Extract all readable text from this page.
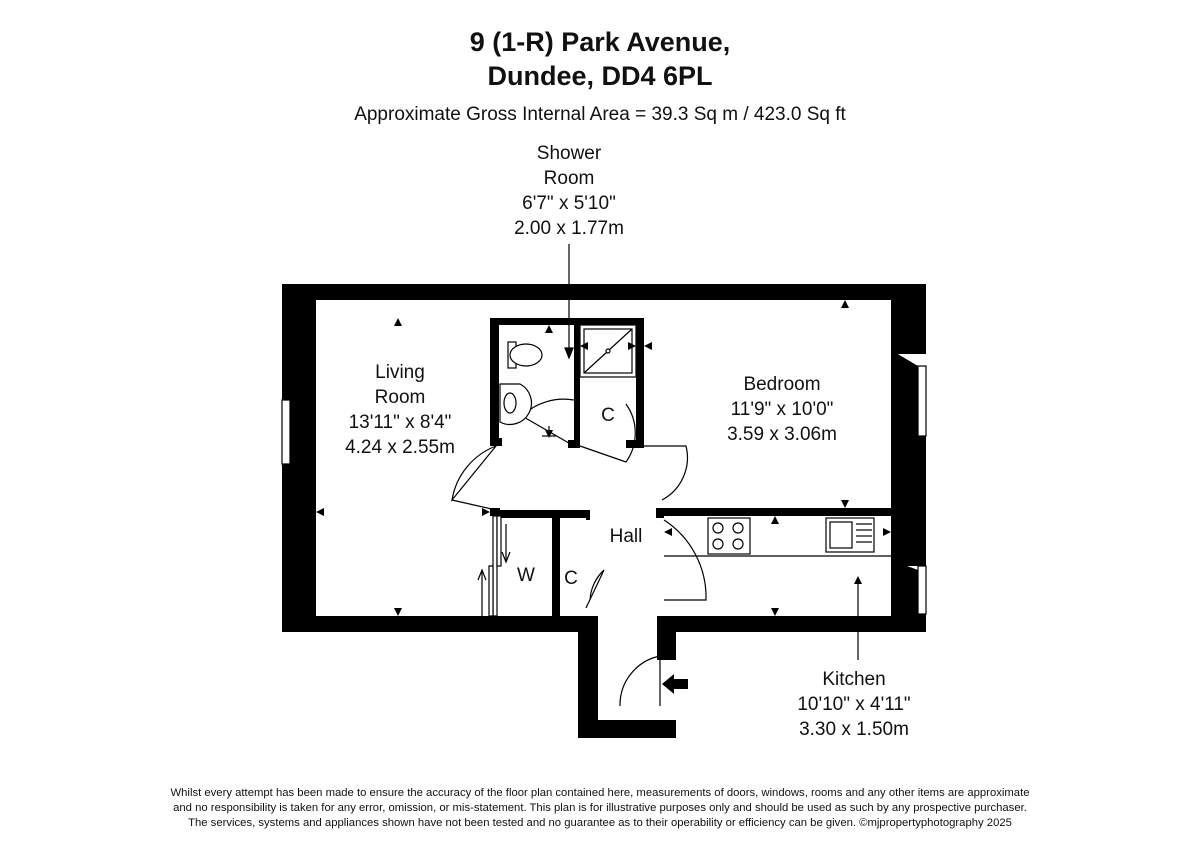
9 (1-R) Park Avenue,
Dundee, DD4 6PL
Approximate Gross Internal Area = 39.3 Sq m / 423.0 Sq ft
Shower
Room
6'7" x 5'10"
2.00 x 1.77m
Living
Room
13'11" x 8'4"
4.24 x 2.55m
Bedroom
11'9" x 10'0"
3.59 x 3.06m
Kitchen
10'10" x 4'11"
3.30 x 1.50m
Hall
C
C
W
Whilst every attempt has been made to ensure the accuracy of the floor plan contained here, measurements of doors, windows, rooms and any other items are approximate
and no responsibility is taken for any error, omission, or mis-statement. This plan is for illustrative purposes only and should be used as such by any prospective purchaser.
The services, systems and appliances shown have not been tested and no guarantee as to their operability or efficiency can be given. ©mjpropertyphotography 2025
